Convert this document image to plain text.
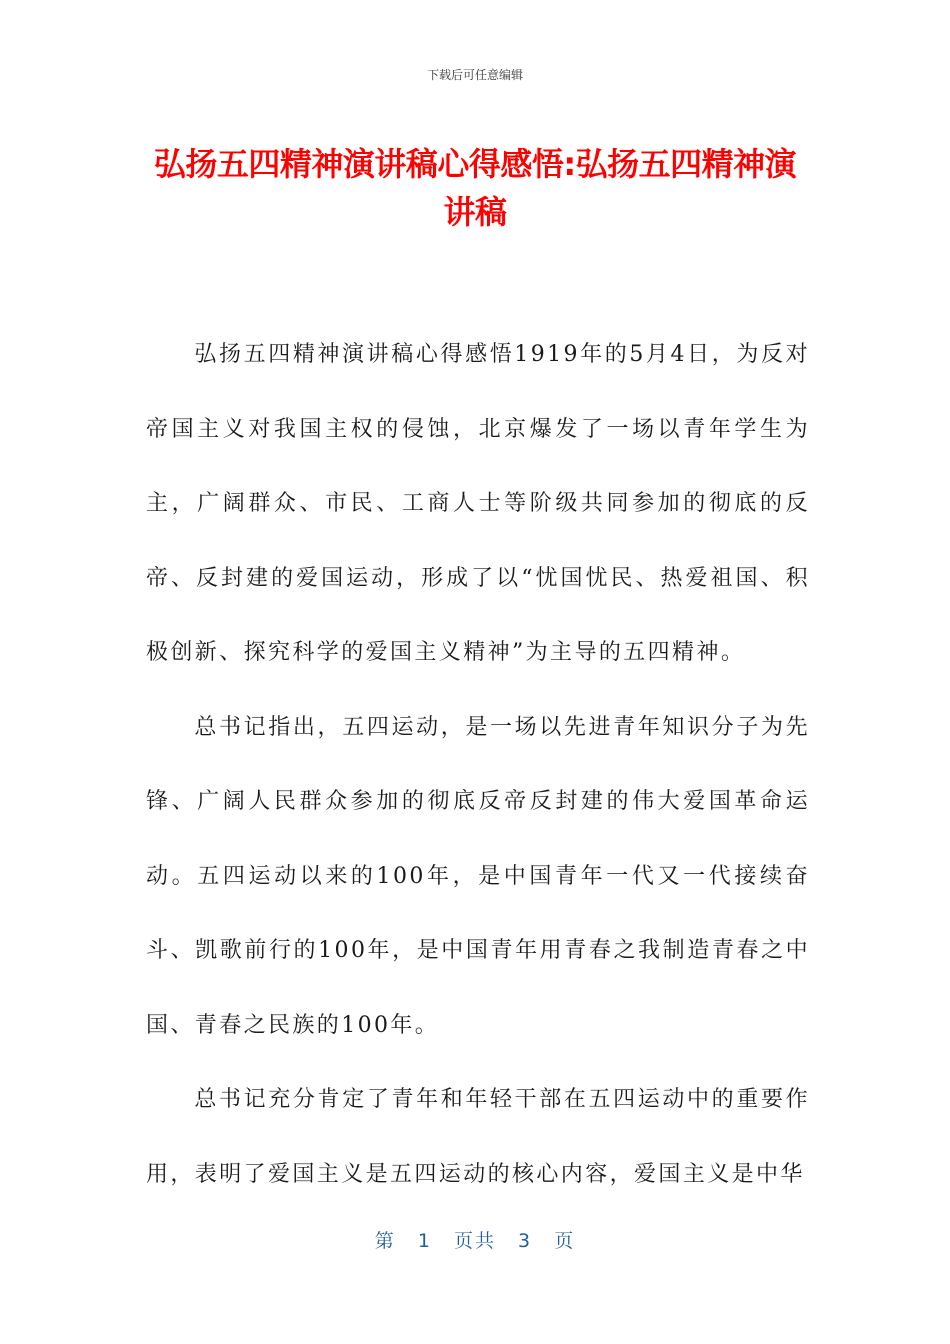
下载后可任意编辑
弘扬五四精神演讲稿心得感悟:弘扬五四精神演讲稿

弘扬五四精神演讲稿心得感悟1919年的5月4日，为反对帝国主义对我国主权的侵蚀，北京爆发了一场以青年学生为主，广阔群众、市民、工商人士等阶级共同参加的彻底的反帝、反封建的爱国运动，形成了以“忧国忧民、热爱祖国、积极创新、探究科学的爱国主义精神”为主导的五四精神。

总书记指出，五四运动，是一场以先进青年知识分子为先锋、广阔人民群众参加的彻底反帝反封建的伟大爱国革命运动。五四运动以来的100年，是中国青年一代又一代接续奋斗、凯歌前行的100年，是中国青年用青春之我制造青春之中国、青春之民族的100年。

总书记充分肯定了青年和年轻干部在五四运动中的重要作用，表明了爱国主义是五四运动的核心内容，爱国主义是中华

第 1 页共 3 页
